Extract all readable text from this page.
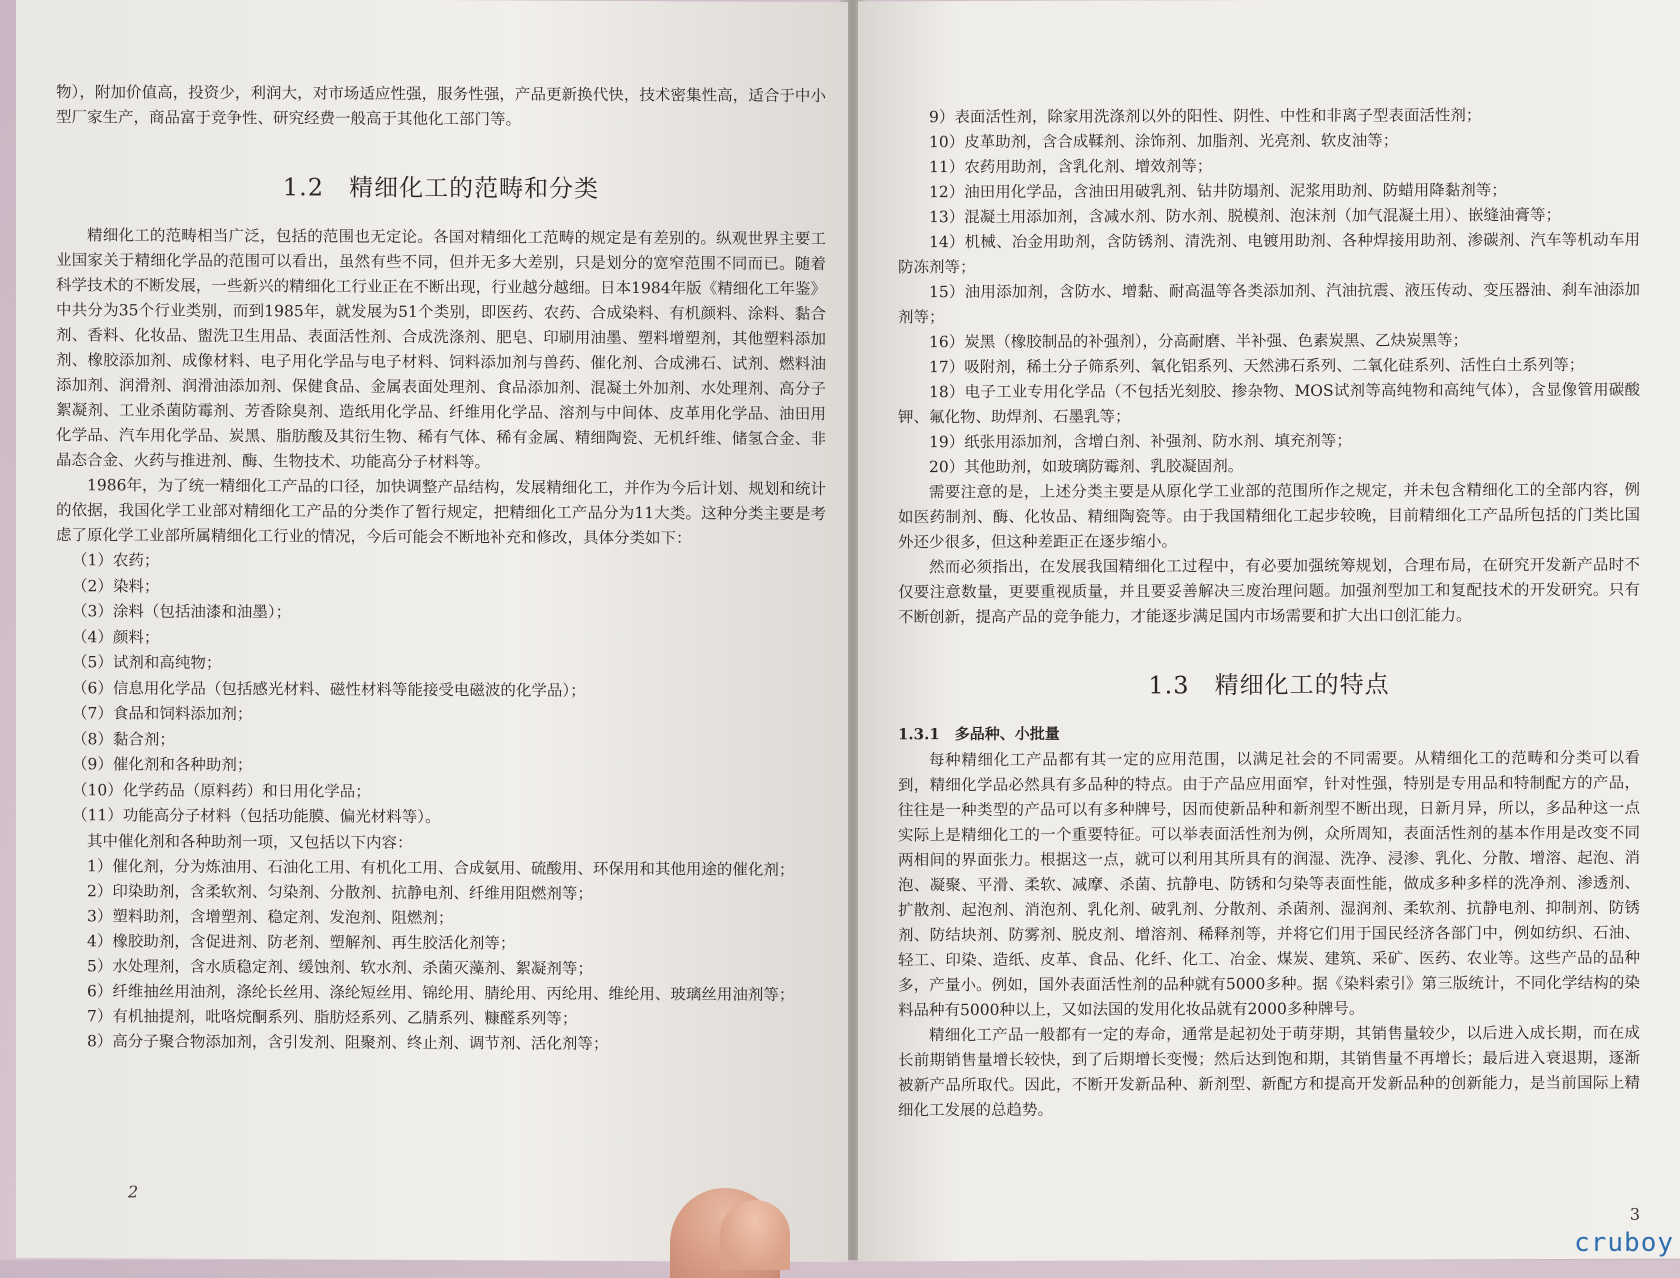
物），附加价值高，投资少，利润大，对市场适应性强，服务性强，产品更新换代快，技术密集性高，适合于中小型厂家生产，商品富于竞争性、研究经费一般高于其他化工部门等。

1.2　精细化工的范畴和分类

精细化工的范畴相当广泛，包括的范围也无定论。各国对精细化工范畴的规定是有差别的。纵观世界主要工业国家关于精细化学品的范围可以看出，虽然有些不同，但并无多大差别，只是划分的宽窄范围不同而已。随着科学技术的不断发展，一些新兴的精细化工行业正在不断出现，行业越分越细。日本1984年版《精细化工年鉴》中共分为35个行业类别，而到1985年，就发展为51个类别，即医药、农药、合成染料、有机颜料、涂料、黏合剂、香料、化妆品、盥洗卫生用品、表面活性剂、合成洗涤剂、肥皂、印刷用油墨、塑料增塑剂，其他塑料添加剂、橡胶添加剂、成像材料、电子用化学品与电子材料、饲料添加剂与兽药、催化剂、合成沸石、试剂、燃料油添加剂、润滑剂、润滑油添加剂、保健食品、金属表面处理剂、食品添加剂、混凝土外加剂、水处理剂、高分子絮凝剂、工业杀菌防霉剂、芳香除臭剂、造纸用化学品、纤维用化学品、溶剂与中间体、皮革用化学品、油田用化学品、汽车用化学品、炭黑、脂肪酸及其衍生物、稀有气体、稀有金属、精细陶瓷、无机纤维、储氢合金、非晶态合金、火药与推进剂、酶、生物技术、功能高分子材料等。

1986年，为了统一精细化工产品的口径，加快调整产品结构，发展精细化工，并作为今后计划、规划和统计的依据，我国化学工业部对精细化工产品的分类作了暂行规定，把精细化工产品分为11大类。这种分类主要是考虑了原化学工业部所属精细化工行业的情况，今后可能会不断地补充和修改，具体分类如下：

（1）农药；

（2）染料；

（3）涂料（包括油漆和油墨）；

（4）颜料；

（5）试剂和高纯物；

（6）信息用化学品（包括感光材料、磁性材料等能接受电磁波的化学品）；

（7）食品和饲料添加剂；

（8）黏合剂；

（9）催化剂和各种助剂；

（10）化学药品（原料药）和日用化学品；

（11）功能高分子材料（包括功能膜、偏光材料等）。

其中催化剂和各种助剂一项，又包括以下内容：

1）催化剂，分为炼油用、石油化工用、有机化工用、合成氨用、硫酸用、环保用和其他用途的催化剂；

2）印染助剂，含柔软剂、匀染剂、分散剂、抗静电剂、纤维用阻燃剂等；

3）塑料助剂，含增塑剂、稳定剂、发泡剂、阻燃剂；

4）橡胶助剂，含促进剂、防老剂、塑解剂、再生胶活化剂等；

5）水处理剂，含水质稳定剂、缓蚀剂、软水剂、杀菌灭藻剂、絮凝剂等；

6）纤维抽丝用油剂，涤纶长丝用、涤纶短丝用、锦纶用、腈纶用、丙纶用、维纶用、玻璃丝用油剂等；

7）有机抽提剂，吡咯烷酮系列、脂肪烃系列、乙腈系列、糠醛系列等；

8）高分子聚合物添加剂，含引发剂、阻聚剂、终止剂、调节剂、活化剂等；

2

9）表面活性剂，除家用洗涤剂以外的阳性、阴性、中性和非离子型表面活性剂；

10）皮革助剂，含合成鞣剂、涂饰剂、加脂剂、光亮剂、软皮油等；

11）农药用助剂，含乳化剂、增效剂等；

12）油田用化学品，含油田用破乳剂、钻井防塌剂、泥浆用助剂、防蜡用降黏剂等；

13）混凝土用添加剂，含减水剂、防水剂、脱模剂、泡沫剂（加气混凝土用）、嵌缝油膏等；

14）机械、冶金用助剂，含防锈剂、清洗剂、电镀用助剂、各种焊接用助剂、渗碳剂、汽车等机动车用防冻剂等；

15）油用添加剂，含防水、增黏、耐高温等各类添加剂、汽油抗震、液压传动、变压器油、刹车油添加剂等；

16）炭黑（橡胶制品的补强剂），分高耐磨、半补强、色素炭黑、乙炔炭黑等；

17）吸附剂，稀土分子筛系列、氧化铝系列、天然沸石系列、二氧化硅系列、活性白土系列等；

18）电子工业专用化学品（不包括光刻胶、掺杂物、MOS试剂等高纯物和高纯气体），含显像管用碳酸钾、氟化物、助焊剂、石墨乳等；

19）纸张用添加剂，含增白剂、补强剂、防水剂、填充剂等；

20）其他助剂，如玻璃防霉剂、乳胶凝固剂。

需要注意的是，上述分类主要是从原化学工业部的范围所作之规定，并未包含精细化工的全部内容，例如医药制剂、酶、化妆品、精细陶瓷等。由于我国精细化工起步较晚，目前精细化工产品所包括的门类比国外还少很多，但这种差距正在逐步缩小。

然而必须指出，在发展我国精细化工过程中，有必要加强统筹规划，合理布局，在研究开发新产品时不仅要注意数量，更要重视质量，并且要妥善解决三废治理问题。加强剂型加工和复配技术的开发研究。只有不断创新，提高产品的竞争能力，才能逐步满足国内市场需要和扩大出口创汇能力。

1.3　精细化工的特点
1.3.1　多品种、小批量

每种精细化工产品都有其一定的应用范围，以满足社会的不同需要。从精细化工的范畴和分类可以看到，精细化学品必然具有多品种的特点。由于产品应用面窄，针对性强，特别是专用品和特制配方的产品，往往是一种类型的产品可以有多种牌号，因而使新品种和新剂型不断出现，日新月异，所以，多品种这一点实际上是精细化工的一个重要特征。可以举表面活性剂为例，众所周知，表面活性剂的基本作用是改变不同两相间的界面张力。根据这一点，就可以利用其所具有的润湿、洗净、浸渗、乳化、分散、增溶、起泡、消泡、凝聚、平滑、柔软、减摩、杀菌、抗静电、防锈和匀染等表面性能，做成多种多样的洗净剂、渗透剂、扩散剂、起泡剂、消泡剂、乳化剂、破乳剂、分散剂、杀菌剂、湿润剂、柔软剂、抗静电剂、抑制剂、防锈剂、防结块剂、防雾剂、脱皮剂、增溶剂、稀释剂等，并将它们用于国民经济各部门中，例如纺织、石油、轻工、印染、造纸、皮革、食品、化纤、化工、冶金、煤炭、建筑、采矿、医药、农业等。这些产品的品种多，产量小。例如，国外表面活性剂的品种就有5000多种。据《染料索引》第三版统计，不同化学结构的染料品种有5000种以上，又如法国的发用化妆品就有2000多种牌号。

精细化工产品一般都有一定的寿命，通常是起初处于萌芽期，其销售量较少，以后进入成长期，而在成长前期销售量增长较快，到了后期增长变慢；然后达到饱和期，其销售量不再增长；最后进入衰退期，逐渐被新产品所取代。因此，不断开发新品种、新剂型、新配方和提高开发新品种的创新能力，是当前国际上精细化工发展的总趋势。

3
cruboy
